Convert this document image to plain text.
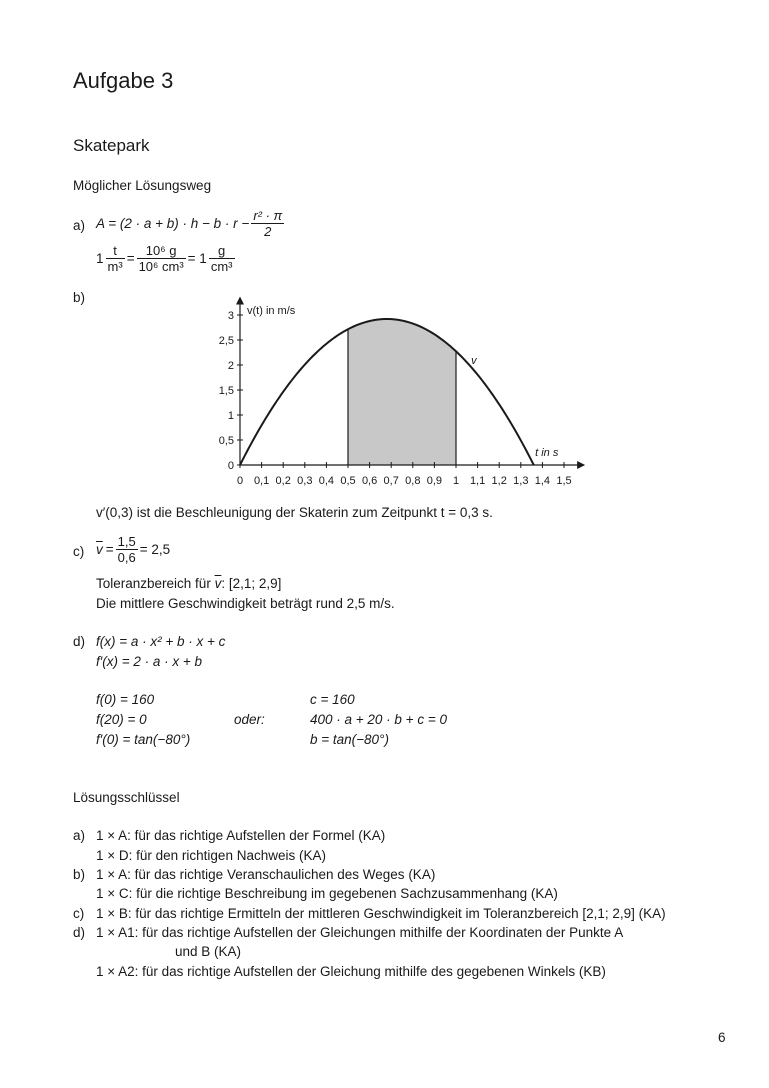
Aufgabe 3
Skatepark
Möglicher Lösungsweg
a) $A = (2 \cdot a + b) \cdot h - b \cdot r - \frac{\text{r² · π}}{2}$
$1 \frac{t}{\text{m³}} = \frac{\text{10⁶ g}}{\text{10⁶ cm³}} = 1 \frac{g}{\text{cm³}}$
b)
0 0,1 0,2 0,3 0,4 0,5 0,6 0,7 0,8 0,9 1 1,1 1,2 1,3 1,4 1,5
0
0,5
1
1,5
2
2,5
3 v(t) in m/s
t in s
v
v′(0,3) ist die Beschleunigung der Skaterin zum Zeitpunkt t = 0,3 s.
c) $\overline{v} = \frac{1,5}{0,6} = 2,5$
Toleranzbereich für $\overline{v}$: [2,1; 2,9]
Die mittlere Geschwindigkeit beträgt rund 2,5 m/s.
d) f(x) = a · x² + b · x + c
f′(x) = 2 · a · x + b
f(0) = 160
f(20) = 0
f′(0) = tan(−80°)
oder:
c = 160
400 · a + 20 · b + c = 0
b = tan(−80°)
Lösungsschlüssel
a) 1 × A: für das richtige Aufstellen der Formel (KA)
1 × D: für den richtigen Nachweis (KA)
b) 1 × A: für das richtige Veranschaulichen des Weges (KA)
1 × C: für die richtige Beschreibung im gegebenen Sachzusammenhang (KA)
c) 1 × B: für das richtige Ermitteln der mittleren Geschwindigkeit im Toleranzbereich [2,1; 2,9] (KA)
d) 1 × A1: für das richtige Aufstellen der Gleichungen mithilfe der Koordinaten der Punkte A
und B (KA)
1 × A2: für das richtige Aufstellen der Gleichung mithilfe des gegebenen Winkels (KB)
6
